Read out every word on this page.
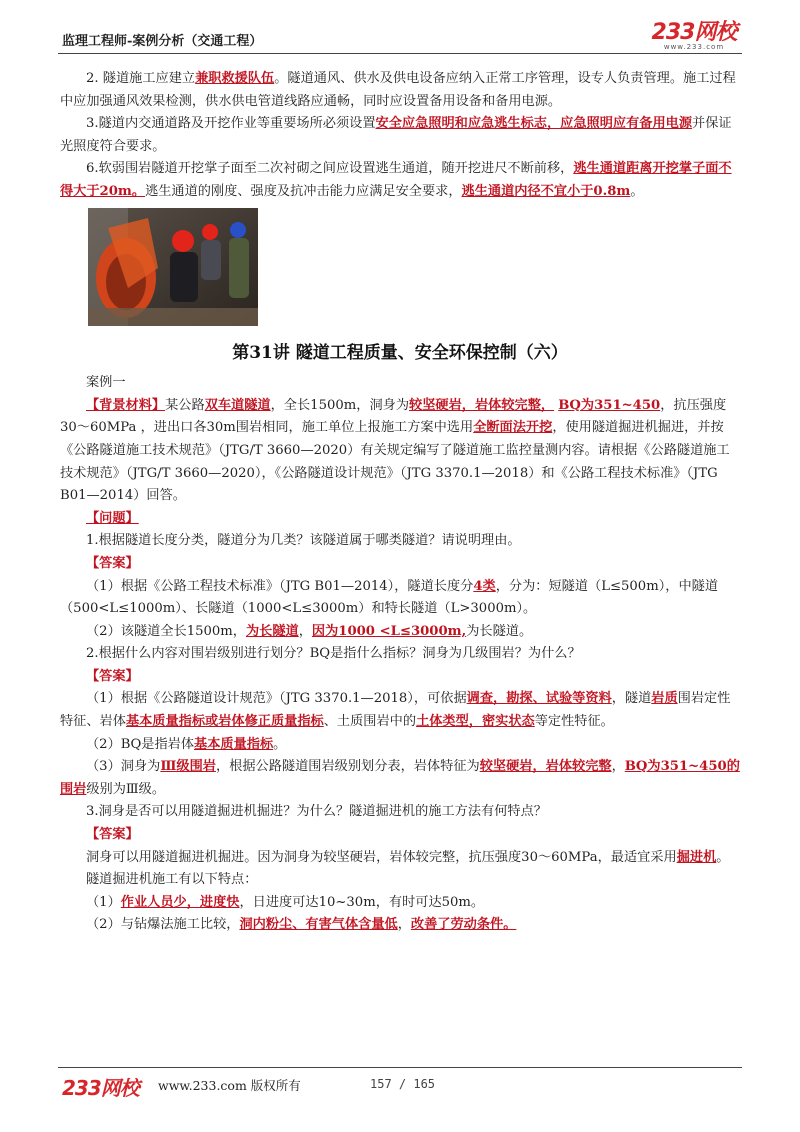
监理工程师-案例分析（交通工程）	233网校
www.233.com

2. 隧道施工应建立兼职救援队伍。隧道通风、供水及供电设备应纳入正常工序管理，设专人负责管理。施工过程中应加强通风效果检测，供水供电管道线路应通畅，同时应设置备用设备和备用电源。

3.隧道内交通道路及开挖作业等重要场所必须设置安全应急照明和应急逃生标志，应急照明应有备用电源并保证光照度符合要求。

6.软弱围岩隧道开挖掌子面至二次衬砌之间应设置逃生通道，随开挖进尺不断前移，逃生通道距离开挖掌子面不得大于20m。逃生通道的刚度、强度及抗冲击能力应满足安全要求，逃生通道内径不宜小于0.8m。

第31讲 隧道工程质量、安全环保控制（六）

案例一

【背景材料】某公路双车道隧道，全长1500m，洞身为较坚硬岩，岩体较完整， BQ为351~450，抗压强度30～60MPa ，进出口各30m围岩相同，施工单位上报施工方案中选用全断面法开挖，使用隧道掘进机掘进，并按《公路隧道施工技术规范》（JTG/T 3660—2020）有关规定编写了隧道施工监控量测内容。请根据《公路隧道施工技术规范》（JTG/T 3660—2020），《公路隧道设计规范》（JTG 3370.1—2018）和《公路工程技术标准》（JTG B01—2014）回答。

【问题】

1.根据隧道长度分类，隧道分为几类？该隧道属于哪类隧道？请说明理由。

【答案】

（1）根据《公路工程技术标准》（JTG B01—2014），隧道长度分4类，分为：短隧道（L≤500m），中隧道（500<L≤1000m）、长隧道（1000<L≤3000m）和特长隧道（L>3000m）。

（2）该隧道全长1500m，为长隧道，因为1000 <L≤3000m,为长隧道。

2.根据什么内容对围岩级别进行划分？BQ是指什么指标？洞身为几级围岩？为什么？

【答案】

（1）根据《公路隧道设计规范》（JTG 3370.1—2018），可依据调查，勘探、试验等资料，隧道岩质围岩定性特征、岩体基本质量指标或岩体修正质量指标、土质围岩中的土体类型，密实状态等定性特征。

（2）BQ是指岩体基本质量指标。

（3）洞身为Ⅲ级围岩，根据公路隧道围岩级别划分表，岩体特征为较坚硬岩，岩体较完整，BQ为351~450的围岩级别为Ⅲ级。

3.洞身是否可以用隧道掘进机掘进？为什么？隧道掘进机的施工方法有何特点？

【答案】

洞身可以用隧道掘进机掘进。因为洞身为较坚硬岩，岩体较完整，抗压强度30～60MPa，最适宜采用掘进机。

隧道掘进机施工有以下特点：

（1）作业人员少，进度快，日进度可达10~30m，有时可达50m。

（2）与钻爆法施工比较，洞内粉尘、有害气体含量低，改善了劳动条件。

233网校 www.233.com 版权所有	157 / 165
